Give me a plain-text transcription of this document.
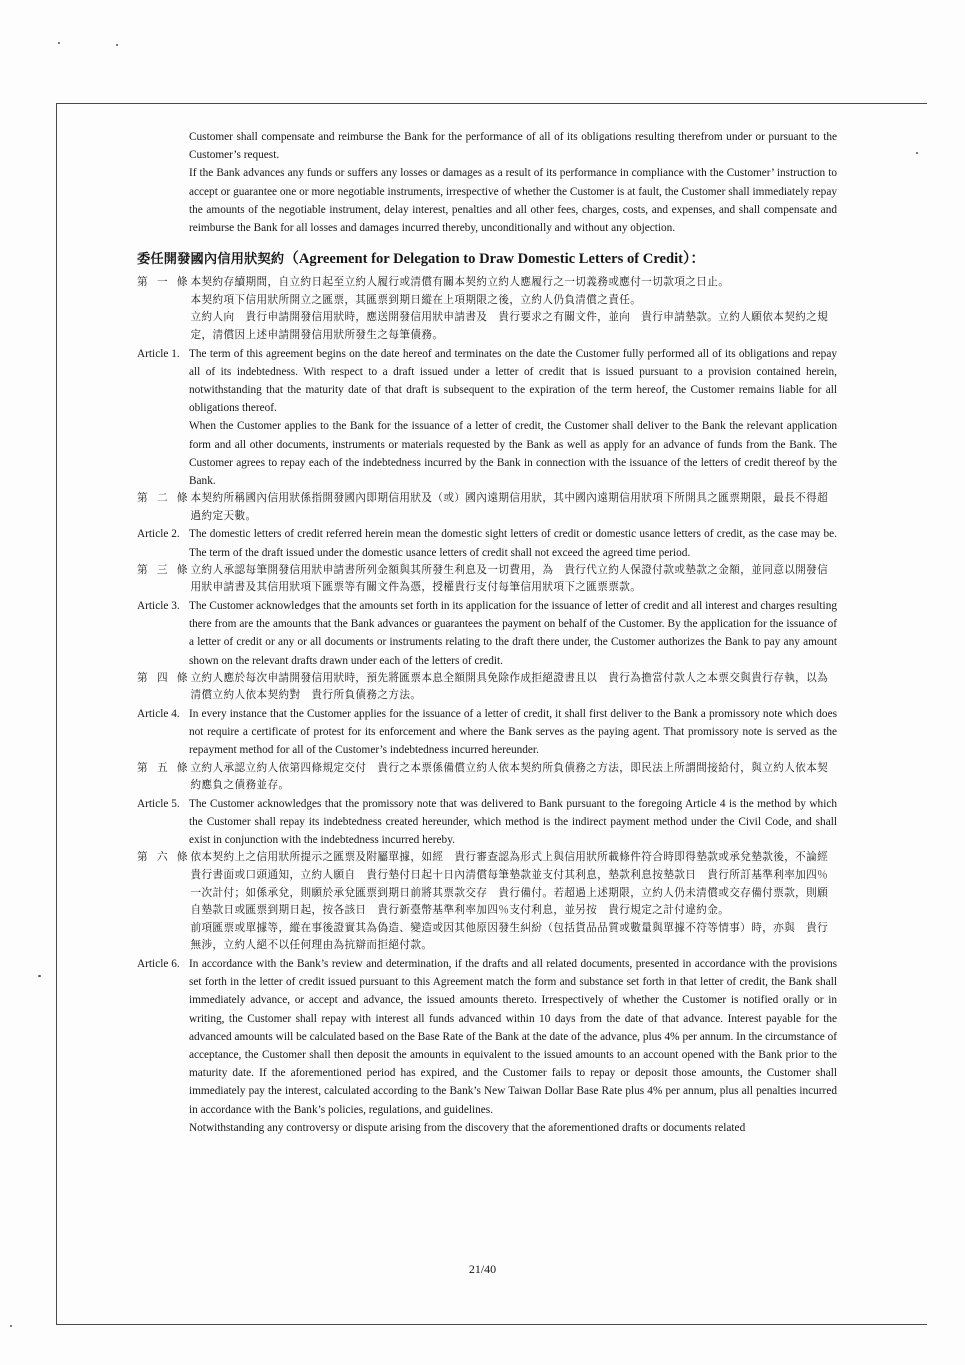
Customer shall compensate and reimburse the Bank for the performance of all of its obligations resulting therefrom under or pursuant to the Customer’s request.

If the Bank advances any funds or suffers any losses or damages as a result of its performance in compliance with the Customer’ instruction to accept or guarantee one or more negotiable instruments, irrespective of whether the Customer is at fault, the Customer shall immediately repay the amounts of the negotiable instrument, delay interest, penalties and all other fees, charges, costs, and expenses, and shall compensate and reimburse the Bank for all losses and damages incurred thereby, unconditionally and without any objection.

委任開發國內信用狀契約（Agreement for Delegation to Draw Domestic Letters of Credit）：
第 一 條 本契約存續期間，自立約日起至立約人履行或清償有關本契約立約人應履行之一切義務或應付一切款項之日止。

本契約項下信用狀所開立之匯票，其匯票到期日縱在上項期限之後，立約人仍負清償之責任。

立約人向　貴行申請開發信用狀時，應送開發信用狀申請書及　貴行要求之有關文件，並向　貴行申請墊款。立約人願依本契約之規定，清償因上述申請開發信用狀所發生之每筆債務。

Article 1. The term of this agreement begins on the date hereof and terminates on the date the Customer fully performed all of its obligations and repay all of its indebtedness. With respect to a draft issued under a letter of credit that is issued pursuant to a provision contained herein, notwithstanding that the maturity date of that draft is subsequent to the expiration of the term hereof, the Customer remains liable for all obligations thereof.

When the Customer applies to the Bank for the issuance of a letter of credit, the Customer shall deliver to the Bank the relevant application form and all other documents, instruments or materials requested by the Bank as well as apply for an advance of funds from the Bank. The Customer agrees to repay each of the indebtedness incurred by the Bank in connection with the issuance of the letters of credit thereof by the Bank.

第 二 條 本契約所稱國內信用狀係指開發國內即期信用狀及（或）國內遠期信用狀，其中國內遠期信用狀項下所開具之匯票期限，最長不得超過約定天數。

Article 2. The domestic letters of credit referred herein mean the domestic sight letters of credit or domestic usance letters of credit, as the case may be. The term of the draft issued under the domestic usance letters of credit shall not exceed the agreed time period.

第 三 條 立約人承認每筆開發信用狀申請書所列金額與其所發生利息及一切費用，為　貴行代立約人保證付款或墊款之金額，並同意以開發信用狀申請書及其信用狀項下匯票等有關文件為憑，授權貴行支付每筆信用狀項下之匯票票款。

Article 3. The Customer acknowledges that the amounts set forth in its application for the issuance of letter of credit and all interest and charges resulting there from are the amounts that the Bank advances or guarantees the payment on behalf of the Customer. By the application for the issuance of a letter of credit or any or all documents or instruments relating to the draft there under, the Customer authorizes the Bank to pay any amount shown on the relevant drafts drawn under each of the letters of credit.

第 四 條 立約人應於每次申請開發信用狀時，預先將匯票本息全額開具免除作成拒絕證書且以　貴行為擔當付款人之本票交與貴行存執，以為清償立約人依本契約對　貴行所負債務之方法。

Article 4. In every instance that the Customer applies for the issuance of a letter of credit, it shall first deliver to the Bank a promissory note which does not require a certificate of protest for its enforcement and where the Bank serves as the paying agent. That promissory note is served as the repayment method for all of the Customer’s indebtedness incurred hereunder.

第 五 條 立約人承認立約人依第四條規定交付　貴行之本票係備償立約人依本契約所負債務之方法，即民法上所謂間接給付，與立約人依本契約應負之債務並存。

Article 5. The Customer acknowledges that the promissory note that was delivered to Bank pursuant to the foregoing Article 4 is the method by which the Customer shall repay its indebtedness created hereunder, which method is the indirect payment method under the Civil Code, and shall exist in conjunction with the indebtedness incurred hereby.

第 六 條 依本契約上之信用狀所提示之匯票及附屬單據，如經　貴行審查認為形式上與信用狀所載條件符合時即得墊款或承兌墊款後，不論經　貴行書面或口頭通知，立約人願自　貴行墊付日起十日內清償每筆墊款並支付其利息，墊款利息按墊款日　貴行所訂基準利率加四％一次計付；如係承兌，則願於承兌匯票到期日前將其票款交存　貴行備付。若超過上述期限，立約人仍未清償或交存備付票款，則願自墊款日或匯票到期日起，按各該日　貴行新臺幣基準利率加四％支付利息，並另按　貴行規定之計付違約金。

前項匯票或單據等，縱在事後證實其為偽造、變造或因其他原因發生糾紛（包括貨品品質或數量與單據不符等情事）時，亦與　貴行無涉，立約人絕不以任何理由為抗辯而拒絕付款。

Article 6. In accordance with the Bank’s review and determination, if the drafts and all related documents, presented in accordance with the provisions set forth in the letter of credit issued pursuant to this Agreement match the form and substance set forth in that letter of credit, the Bank shall immediately advance, or accept and advance, the issued amounts thereto. Irrespectively of whether the Customer is notified orally or in writing, the Customer shall repay with interest all funds advanced within 10 days from the date of that advance. Interest payable for the advanced amounts will be calculated based on the Base Rate of the Bank at the date of the advance, plus 4% per annum. In the circumstance of acceptance, the Customer shall then deposit the amounts in equivalent to the issued amounts to an account opened with the Bank prior to the maturity date. If the aforementioned period has expired, and the Customer fails to repay or deposit those amounts, the Customer shall immediately pay the interest, calculated according to the Bank’s New Taiwan Dollar Base Rate plus 4% per annum, plus all penalties incurred in accordance with the Bank’s policies, regulations, and guidelines.

Notwithstanding any controversy or dispute arising from the discovery that the aforementioned drafts or documents related

21/40
